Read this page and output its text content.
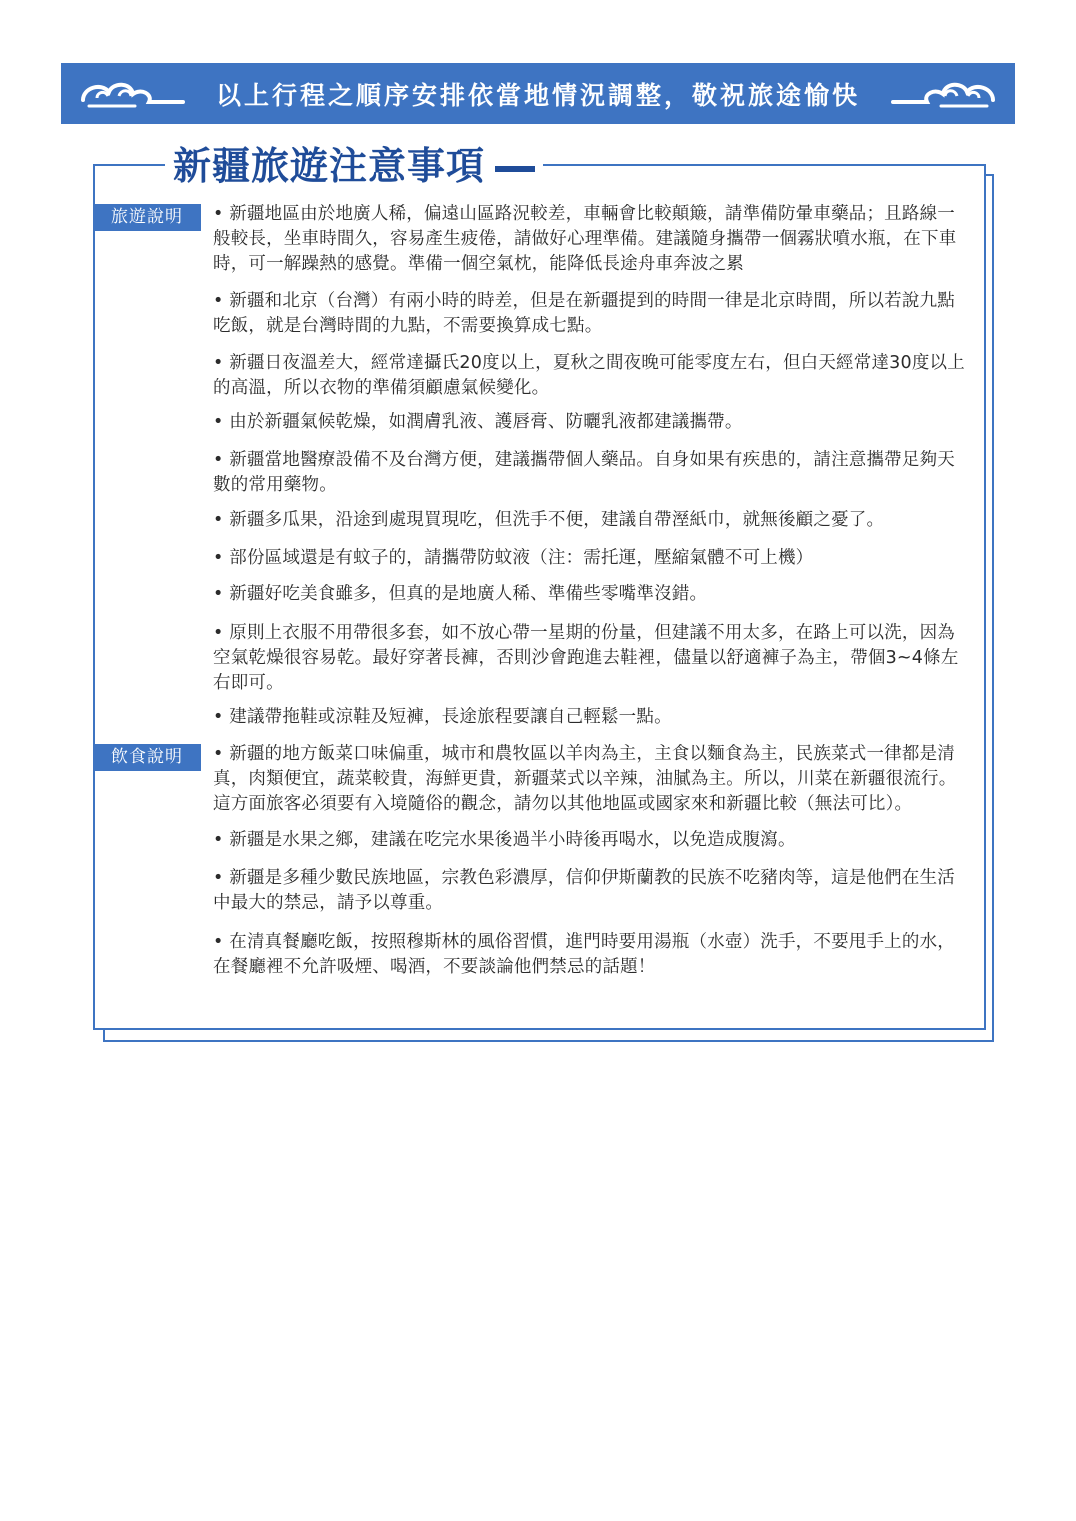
以上行程之順序安排依當地情況調整，敬祝旅途愉快
新疆旅遊注意事項
旅遊說明
飲食說明

• 新疆地區由於地廣人稀，偏遠山區路況較差，車輛會比較顛簸，請準備防暈車藥品；且路線一般較長，坐車時間久，容易產生疲倦，請做好心理準備。建議隨身攜帶一個霧狀噴水瓶，在下車時，可一解躁熱的感覺。準備一個空氣枕，能降低長途舟車奔波之累

• 新疆和北京（台灣）有兩小時的時差，但是在新疆提到的時間一律是北京時間，所以若說九點吃飯，就是台灣時間的九點，不需要換算成七點。

• 新疆日夜溫差大，經常達攝氏20度以上，夏秋之間夜晚可能零度左右，但白天經常達30度以上的高溫，所以衣物的準備須顧慮氣候變化。

• 由於新疆氣候乾燥，如潤膚乳液、護唇膏、防曬乳液都建議攜帶。

• 新疆當地醫療設備不及台灣方便，建議攜帶個人藥品。自身如果有疾患的，請注意攜帶足夠天數的常用藥物。

• 新疆多瓜果，沿途到處現買現吃，但洗手不便，建議自帶溼紙巾，就無後顧之憂了。

• 部份區域還是有蚊子的，請攜帶防蚊液（注：需托運，壓縮氣體不可上機）

• 新疆好吃美食雖多，但真的是地廣人稀、準備些零嘴準沒錯。

• 原則上衣服不用帶很多套，如不放心帶一星期的份量，但建議不用太多，在路上可以洗，因為空氣乾燥很容易乾。最好穿著長褲，否則沙會跑進去鞋裡，儘量以舒適褲子為主，帶個3~4條左右即可。

• 建議帶拖鞋或涼鞋及短褲，長途旅程要讓自己輕鬆一點。

• 新疆的地方飯菜口味偏重，城市和農牧區以羊肉為主，主食以麵食為主，民族菜式一律都是清真，肉類便宜，蔬菜較貴，海鮮更貴，新疆菜式以辛辣，油膩為主。所以，川菜在新疆很流行。這方面旅客必須要有入境隨俗的觀念，請勿以其他地區或國家來和新疆比較（無法可比）。

• 新疆是水果之鄉，建議在吃完水果後過半小時後再喝水，以免造成腹瀉。

• 新疆是多種少數民族地區，宗教色彩濃厚，信仰伊斯蘭教的民族不吃豬肉等，這是他們在生活中最大的禁忌，請予以尊重。

• 在清真餐廳吃飯，按照穆斯林的風俗習慣，進門時要用湯瓶（水壺）洗手，不要甩手上的水，在餐廳裡不允許吸煙、喝酒，不要談論他們禁忌的話題！
